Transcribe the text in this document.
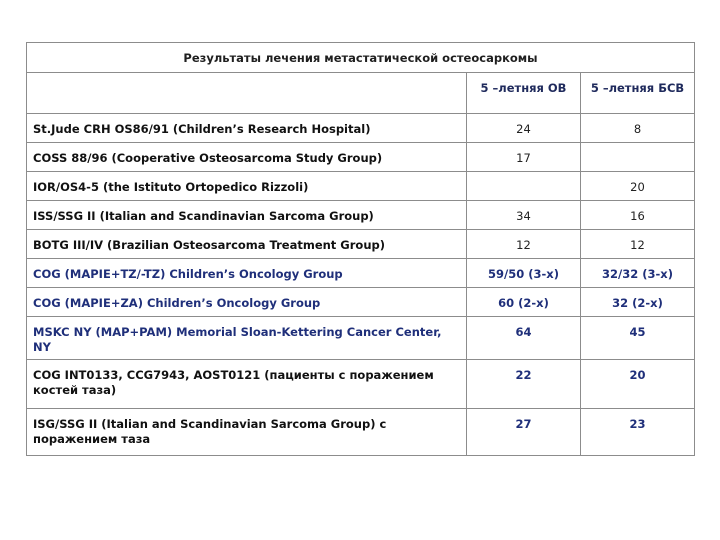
Результаты лечения метастатической остеосаркомы		
	5 –летняя ОВ	5 –летняя БСВ
St.Jude CRH OS86/91 (Children’s Research Hospital)	24	8
COSS 88/96 (Cooperative Osteosarcoma Study Group)	17	
IOR/OS4-5 (the Istituto Ortopedico Rizzoli)		20
ISS/SSG II (Italian and Scandinavian Sarcoma Group)	34	16
BOTG III/IV (Brazilian Osteosarcoma Treatment Group)	12	12
COG (MAPIE+TZ/-TZ) Children’s Oncology Group	59/50 (3-х)	32/32 (3-х)
COG (MAPIE+ZA) Children’s Oncology Group	60 (2-х)	32 (2-х)
MSKC NY (MAP+PAM) Memorial Sloan-Kettering Cancer Center, NY	64	45
COG INT0133, CCG7943, AOST0121 (пациенты с поражением костей таза)	22	20
ISG/SSG II (Italian and Scandinavian Sarcoma Group) с поражением таза	27	23
